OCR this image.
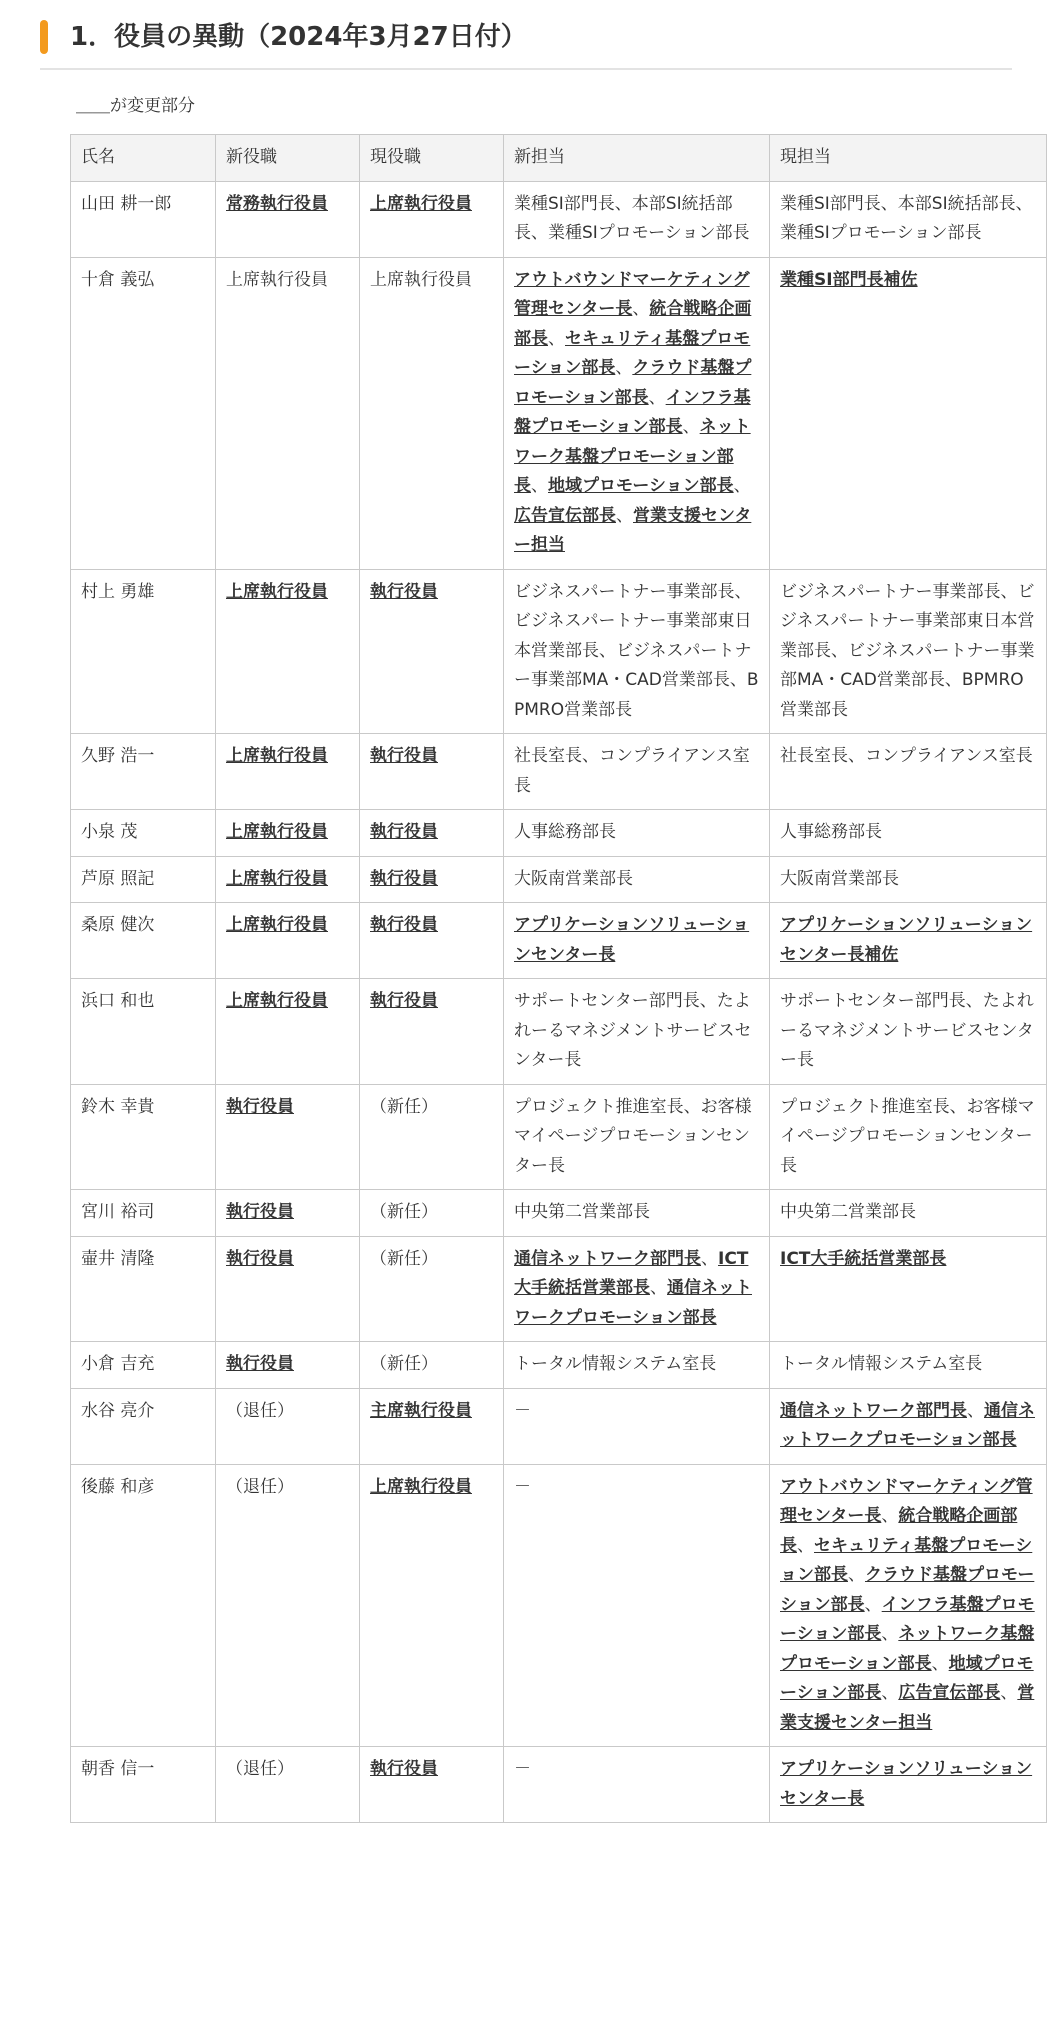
1．役員の異動（2024年3月27日付）
＿＿が変更部分
氏名	新役職	現役職	新担当	現担当
山田 耕一郎	常務執行役員	上席執行役員	業種SI部門長、本部SI統括部長、業種SIプロモーション部長	業種SI部門長、本部SI統括部長、業種SIプロモーション部長
十倉 義弘	上席執行役員	上席執行役員	アウトバウンドマーケティング管理センター長、統合戦略企画部長、セキュリティ基盤プロモーション部長、クラウド基盤プロモーション部長、インフラ基盤プロモーション部長、ネットワーク基盤プロモーション部長、地域プロモーション部長、広告宣伝部長、営業支援センター担当	業種SI部門長補佐
村上 勇雄	上席執行役員	執行役員	ビジネスパートナー事業部長、ビジネスパートナー事業部東日本営業部長、ビジネスパートナー事業部MA・CAD営業部長、BPMRO営業部長	ビジネスパートナー事業部長、ビジネスパートナー事業部東日本営業部長、ビジネスパートナー事業部MA・CAD営業部長、BPMRO営業部長
久野 浩一	上席執行役員	執行役員	社長室長、コンプライアンス室長	社長室長、コンプライアンス室長
小泉 茂	上席執行役員	執行役員	人事総務部長	人事総務部長
芦原 照記	上席執行役員	執行役員	大阪南営業部長	大阪南営業部長
桑原 健次	上席執行役員	執行役員	アプリケーションソリューションセンター長	アプリケーションソリューションセンター長補佐
浜口 和也	上席執行役員	執行役員	サポートセンター部門長、たよれーるマネジメントサービスセンター長	サポートセンター部門長、たよれーるマネジメントサービスセンター長
鈴木 幸貴	執行役員	（新任）	プロジェクト推進室長、お客様マイページプロモーションセンター長	プロジェクト推進室長、お客様マイページプロモーションセンター長
宮川 裕司	執行役員	（新任）	中央第二営業部長	中央第二営業部長
壷井 清隆	執行役員	（新任）	通信ネットワーク部門長、ICT大手統括営業部長、通信ネットワークプロモーション部長	ICT大手統括営業部長
小倉 吉充	執行役員	（新任）	トータル情報システム室長	トータル情報システム室長
水谷 亮介	（退任）	主席執行役員	－	通信ネットワーク部門長、通信ネットワークプロモーション部長
後藤 和彦	（退任）	上席執行役員	－	アウトバウンドマーケティング管理センター長、統合戦略企画部長、セキュリティ基盤プロモーション部長、クラウド基盤プロモーション部長、インフラ基盤プロモーション部長、ネットワーク基盤プロモーション部長、地域プロモーション部長、広告宣伝部長、営業支援センター担当
朝香 信一	（退任）	執行役員	－	アプリケーションソリューションセンター長
